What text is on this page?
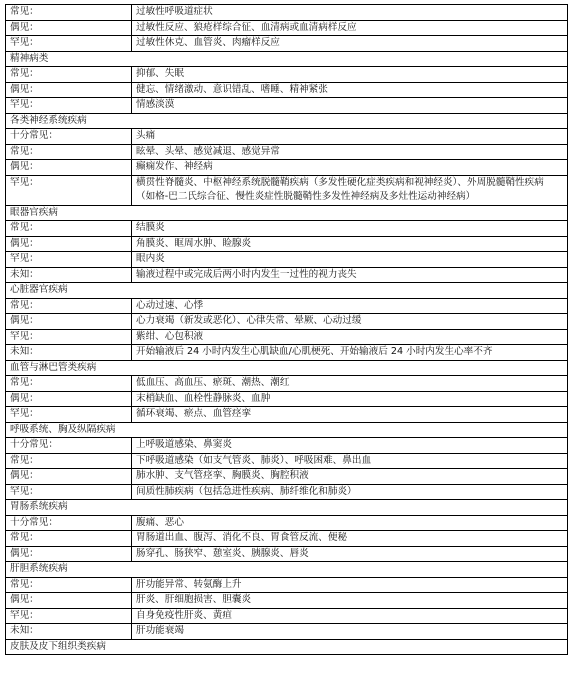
常见：	过敏性呼吸道症状
偶见：	过敏性反应、狼疮样综合征、血清病或血清病样反应
罕见：	过敏性休克、血管炎、肉瘤样反应
精神病类	
常见：	抑郁、失眠
偶见：	健忘、情绪激动、意识错乱、嗜睡、精神紧张
罕见：	情感淡漠
各类神经系统疾病	
十分常见：	头痛
常见：	眩晕、头晕、感觉减退、感觉异常
偶见：	癫痫发作、神经病
罕见：	横贯性脊髓炎、中枢神经系统脱髓鞘疾病（多发性硬化症类疾病和视神经炎）、外周脱髓鞘性疾病（如格-巴二氏综合征、慢性炎症性脱髓鞘性多发性神经病及多灶性运动神经病）
眼器官疾病	
常见：	结膜炎
偶见：	角膜炎、眶周水肿、睑腺炎
罕见：	眼内炎
未知：	输液过程中或完成后两小时内发生一过性的视力丧失
心脏器官疾病	
常见：	心动过速、心悸
偶见：	心力衰竭（新发或恶化）、心律失常、晕厥、心动过缓
罕见：	紫绀、心包积液
未知：	开始输液后 24 小时内发生心肌缺血/心肌梗死、开始输液后 24 小时内发生心率不齐
血管与淋巴管类疾病	
常见：	低血压、高血压、瘀斑、潮热、潮红
偶见：	末梢缺血、血栓性静脉炎、血肿
罕见：	循环衰竭、瘀点、血管痉挛
呼吸系统、胸及纵隔疾病	
十分常见：	上呼吸道感染、鼻窦炎
常见：	下呼吸道感染（如支气管炎、肺炎）、呼吸困难、鼻出血
偶见：	肺水肿、支气管痉挛、胸膜炎、胸腔积液
罕见：	间质性肺疾病（包括急进性疾病、肺纤维化和肺炎）
胃肠系统疾病	
十分常见：	腹痛、恶心
常见：	胃肠道出血、腹泻、消化不良、胃食管反流、便秘
偶见：	肠穿孔、肠狭窄、憩室炎、胰腺炎、唇炎
肝胆系统疾病	
常见：	肝功能异常、转氨酶上升
偶见：	肝炎、肝细胞损害、胆囊炎
罕见：	自身免疫性肝炎、黄疸
未知：	肝功能衰竭
皮肤及皮下组织类疾病	
